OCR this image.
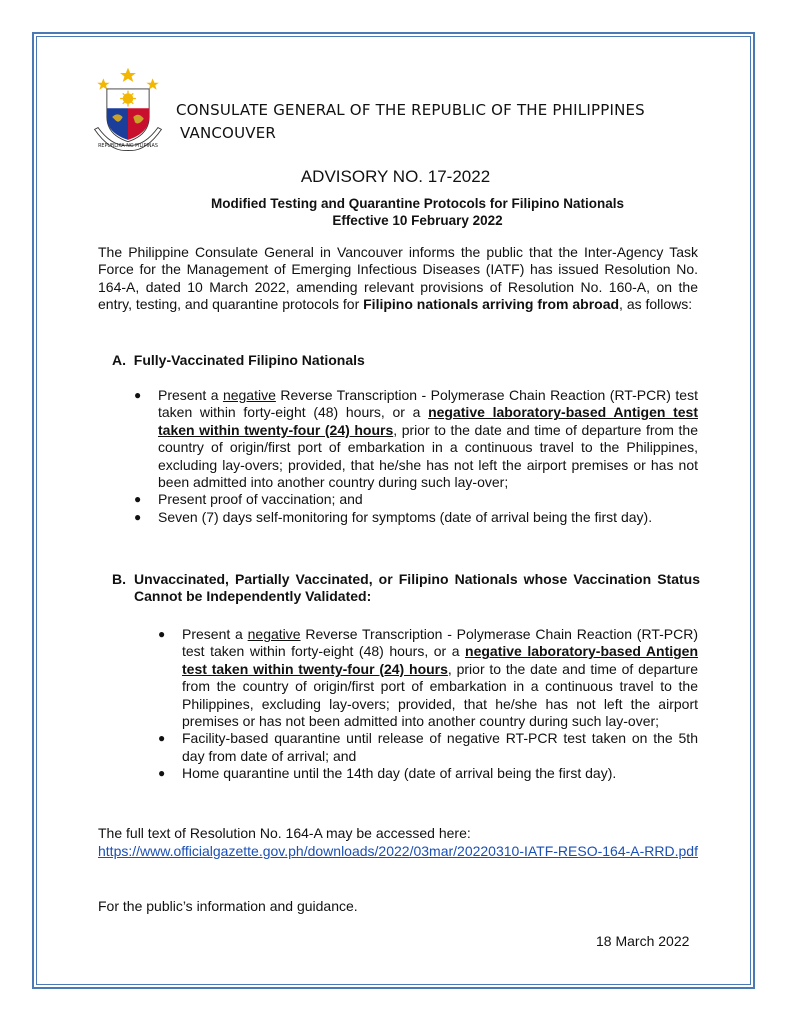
REPUBLIKA NG PILIPINAS
CONSULATE GENERAL OF THE REPUBLIC OF THE PHILIPPINES
VANCOUVER
ADVISORY NO. 17-2022
Modified Testing and Quarantine Protocols for Filipino Nationals
Effective 10 February 2022
The Philippine Consulate General in Vancouver informs the public that the Inter-Agency Task Force for the Management of Emerging Infectious Diseases (IATF) has issued Resolution No. 164-A, dated 10 March 2022, amending relevant provisions of Resolution No. 160-A, on the entry, testing, and quarantine protocols for Filipino nationals arriving from abroad, as follows:
A. Fully-Vaccinated Filipino Nationals
● Present a negative Reverse Transcription - Polymerase Chain Reaction (RT-PCR) test taken within forty-eight (48) hours, or a negative laboratory-based Antigen test taken within twenty-four (24) hours, prior to the date and time of departure from the country of origin/first port of embarkation in a continuous travel to the Philippines, excluding lay-overs; provided, that he/she has not left the airport premises or has not been admitted into another country during such lay-over;
● Present proof of vaccination; and
● Seven (7) days self-monitoring for symptoms (date of arrival being the first day).
B. Unvaccinated, Partially Vaccinated, or Filipino Nationals whose Vaccination Status Cannot be Independently Validated:
● Present a negative Reverse Transcription - Polymerase Chain Reaction (RT-PCR) test taken within forty-eight (48) hours, or a negative laboratory-based Antigen test taken within twenty-four (24) hours, prior to the date and time of departure from the country of origin/first port of embarkation in a continuous travel to the Philippines, excluding lay-overs; provided, that he/she has not left the airport premises or has not been admitted into another country during such lay-over;
● Facility-based quarantine until release of negative RT-PCR test taken on the 5th day from date of arrival; and
● Home quarantine until the 14th day (date of arrival being the first day).
The full text of Resolution No. 164-A may be accessed here:
https://www.officialgazette.gov.ph/downloads/2022/03mar/20220310-IATF-RESO-164-A-RRD.pdf
For the public’s information and guidance.
18 March 2022
